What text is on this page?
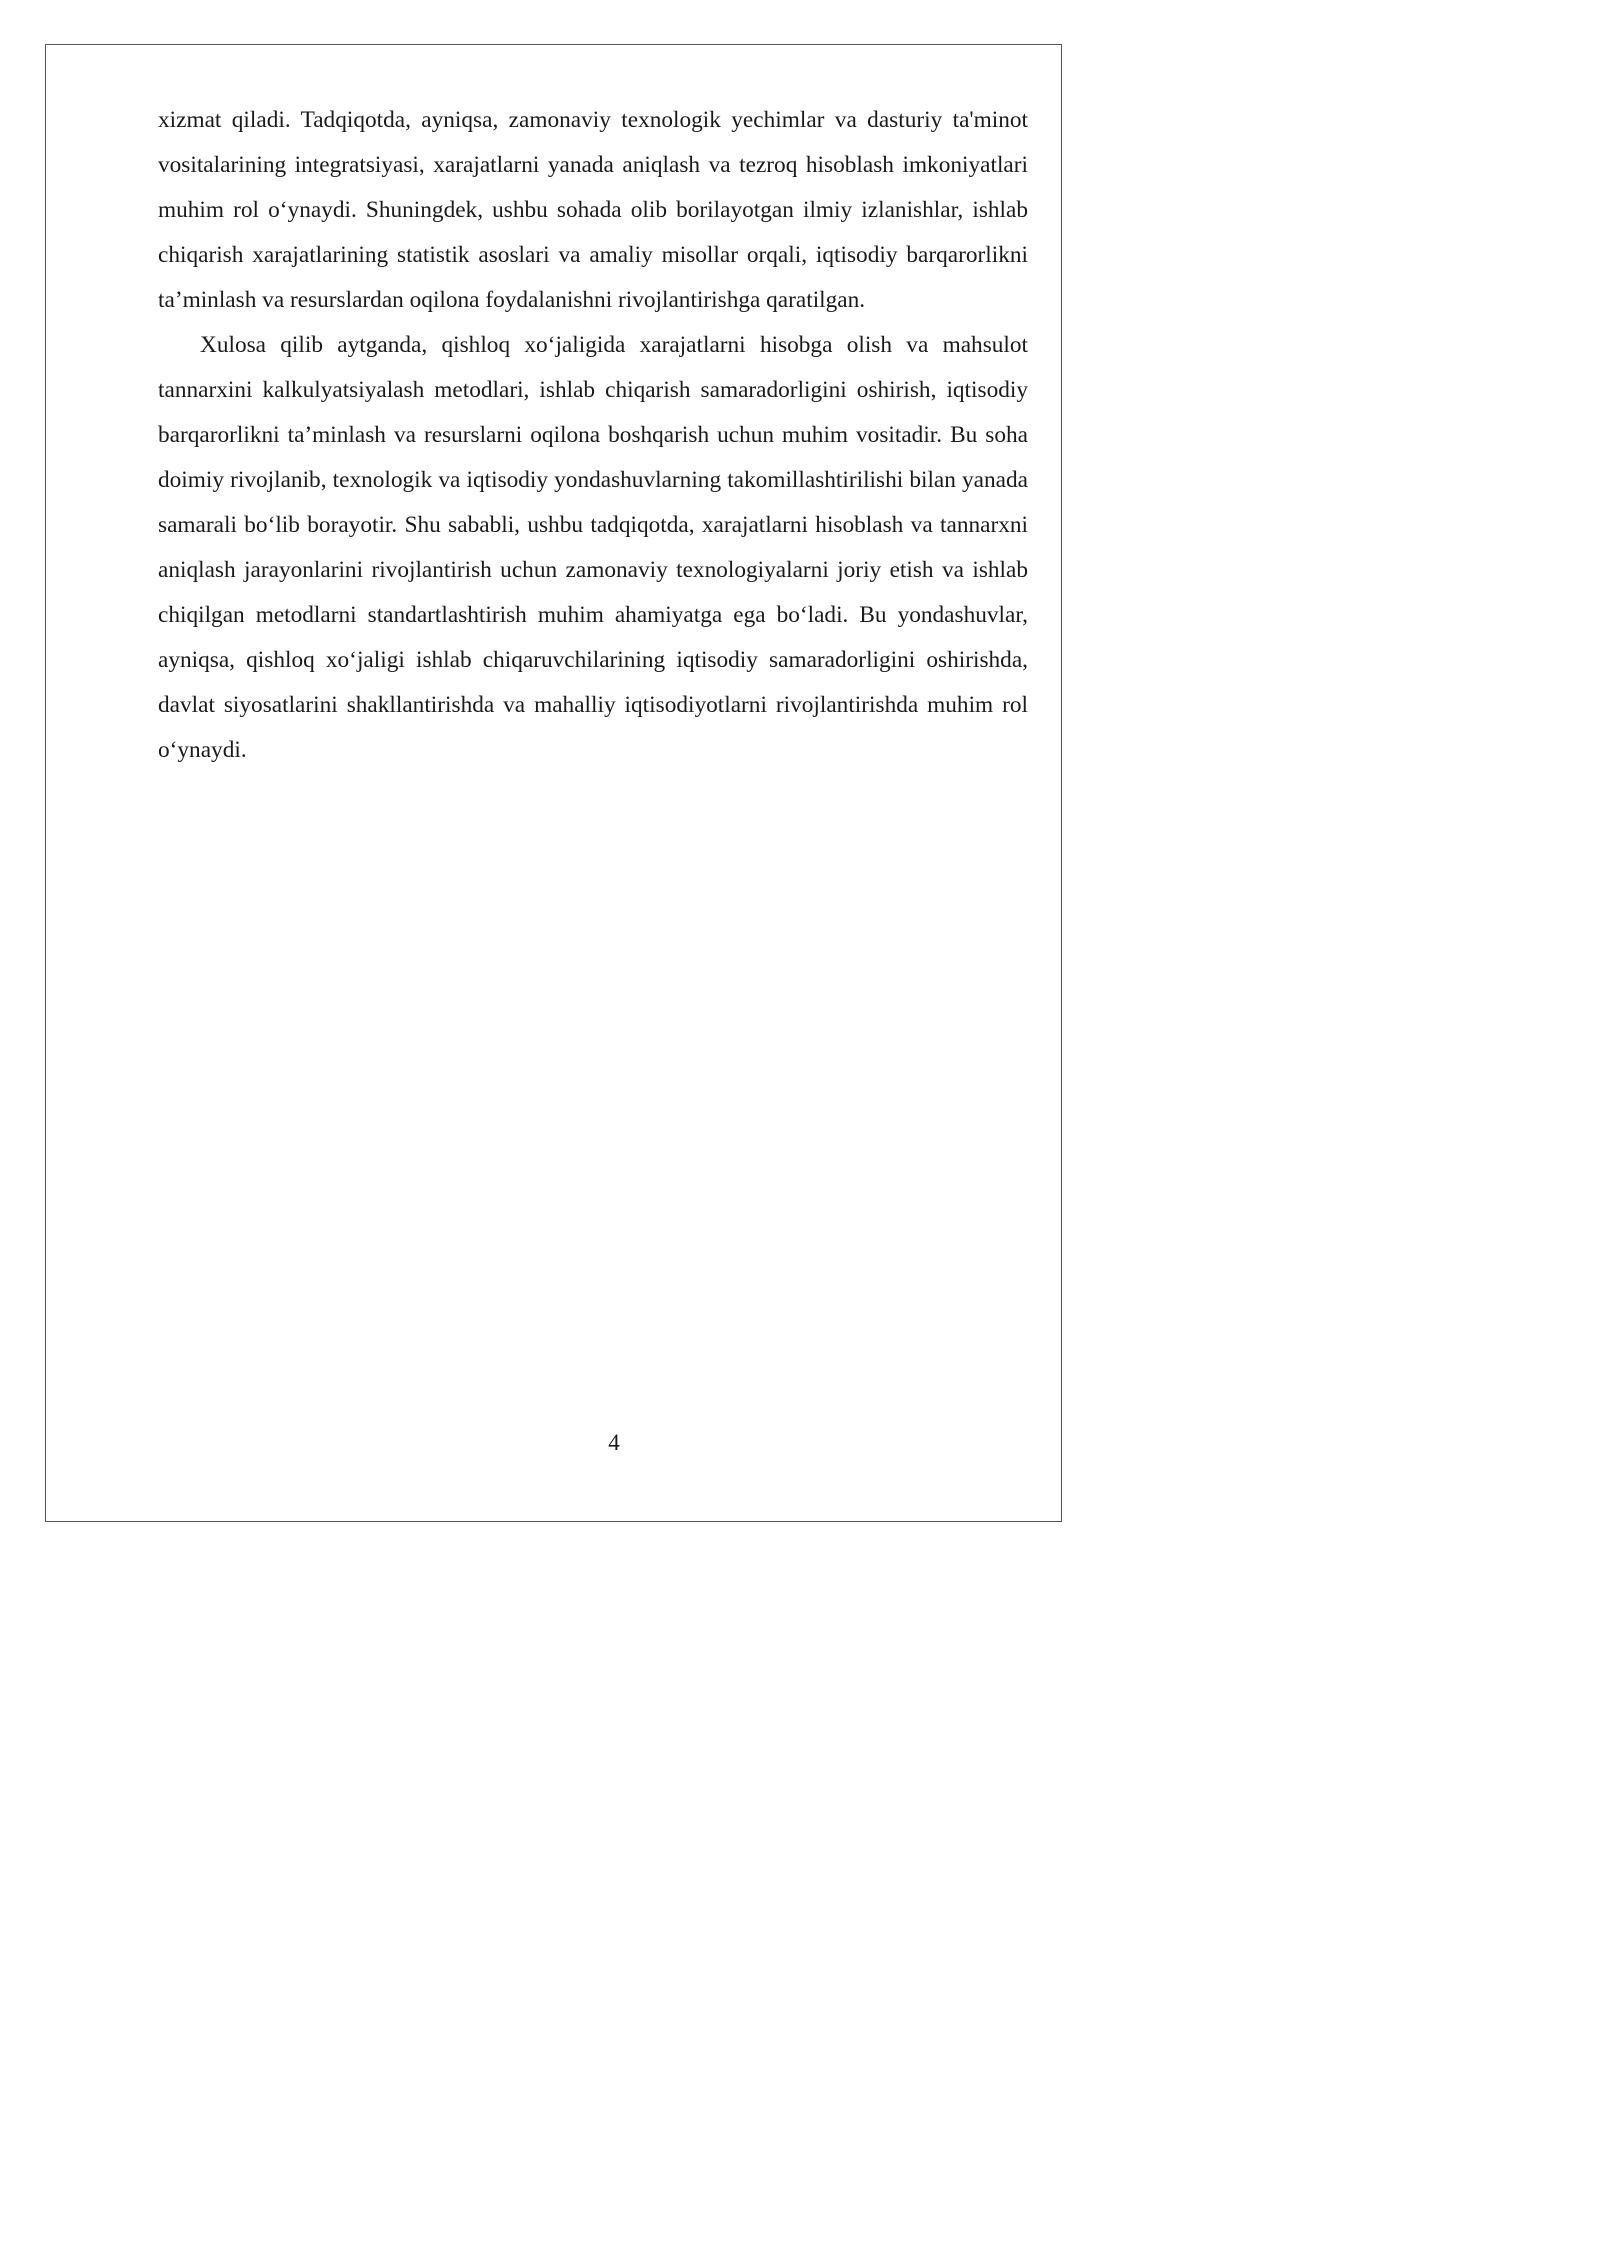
xizmat qiladi. Tadqiqotda, ayniqsa, zamonaviy texnologik yechimlar va dasturiy ta'minot vositalarining integratsiyasi, xarajatlarni yanada aniqlash va tezroq hisoblash imkoniyatlari muhim rol o‘ynaydi. Shuningdek, ushbu sohada olib borilayotgan ilmiy izlanishlar, ishlab chiqarish xarajatlarining statistik asoslari va amaliy misollar orqali, iqtisodiy barqarorlikni ta’minlash va resurslardan oqilona foydalanishni rivojlantirishga qaratilgan.

Xulosa qilib aytganda, qishloq xo‘jaligida xarajatlarni hisobga olish va mahsulot tannarxini kalkulyatsiyalash metodlari, ishlab chiqarish samaradorligini oshirish, iqtisodiy barqarorlikni ta’minlash va resurslarni oqilona boshqarish uchun muhim vositadir. Bu soha doimiy rivojlanib, texnologik va iqtisodiy yondashuvlarning takomillashtirilishi bilan yanada samarali bo‘lib borayotir. Shu sababli, ushbu tadqiqotda, xarajatlarni hisoblash va tannarxni aniqlash jarayonlarini rivojlantirish uchun zamonaviy texnologiyalarni joriy etish va ishlab chiqilgan metodlarni standartlashtirish muhim ahamiyatga ega bo‘ladi. Bu yondashuvlar, ayniqsa, qishloq xo‘jaligi ishlab chiqaruvchilarining iqtisodiy samaradorligini oshirishda, davlat siyosatlarini shakllantirishda va mahalliy iqtisodiyotlarni rivojlantirishda muhim rol o‘ynaydi.

4
